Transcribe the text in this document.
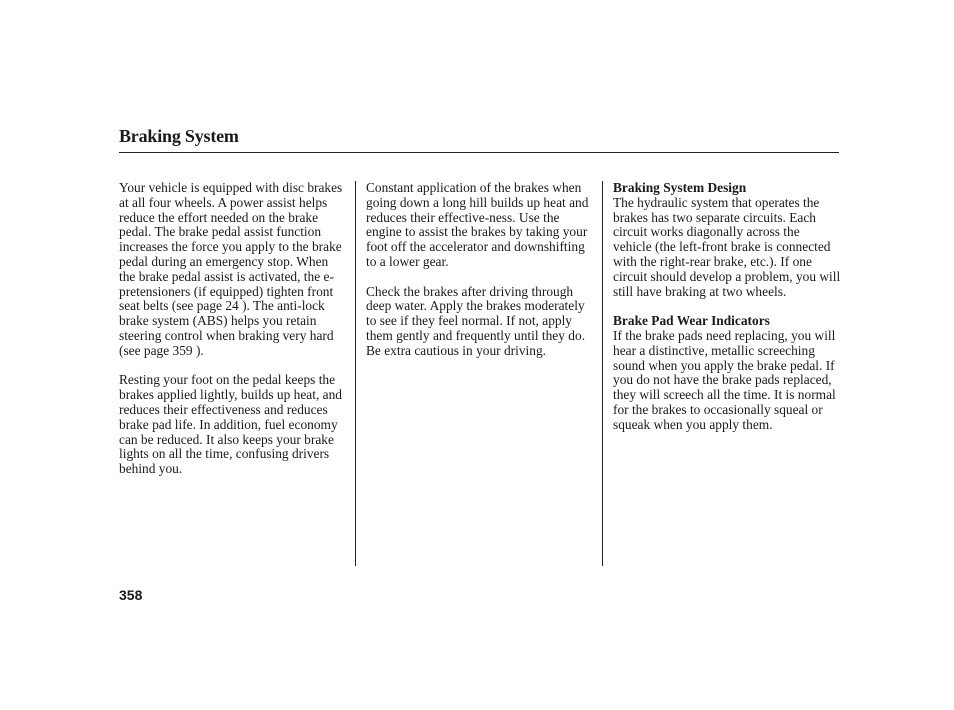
Braking System

Your vehicle is equipped with disc brakes at all four wheels. A power assist helps reduce the effort needed on the brake pedal. The brake pedal assist function increases the force you apply to the brake pedal during an emergency stop. When the brake pedal assist is activated, the e-pretensioners (if equipped) tighten front seat belts (see page 24 ). The anti-lock brake system (ABS) helps you retain steering control when braking very hard (see page 359 ).

Resting your foot on the pedal keeps the brakes applied lightly, builds up heat, and reduces their effectiveness and reduces brake pad life. In addition, fuel economy can be reduced. It also keeps your brake lights on all the time, confusing drivers behind you.

Constant application of the brakes when going down a long hill builds up heat and reduces their effective-ness. Use the engine to assist the brakes by taking your foot off the accelerator and downshifting to a lower gear.

Check the brakes after driving through deep water. Apply the brakes moderately to see if they feel normal. If not, apply them gently and frequently until they do. Be extra cautious in your driving.

Braking System Design
The hydraulic system that operates the brakes has two separate circuits. Each circuit works diagonally across the vehicle (the left-front brake is connected with the right-rear brake, etc.). If one circuit should develop a problem, you will still have braking at two wheels.

Brake Pad Wear Indicators
If the brake pads need replacing, you will hear a distinctive, metallic screeching sound when you apply the brake pedal. If you do not have the brake pads replaced, they will screech all the time. It is normal for the brakes to occasionally squeal or squeak when you apply them.

358
